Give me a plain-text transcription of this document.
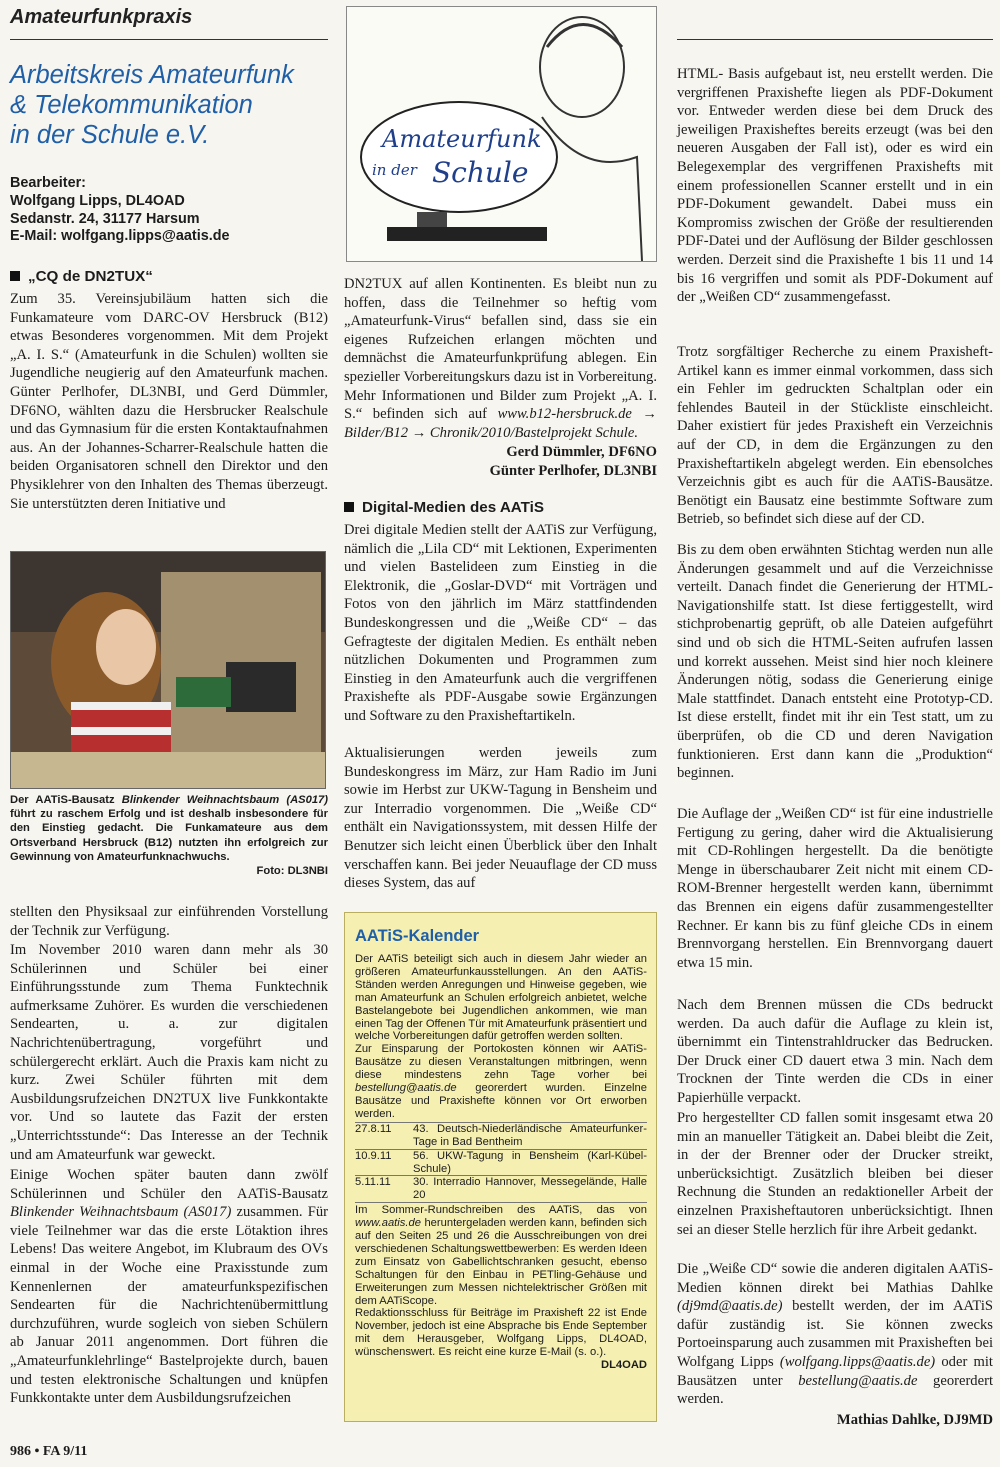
Amateurfunkpraxis
Arbeitskreis Amateurfunk
& Telekommunikation
in der Schule e.V.
Bearbeiter:
Wolfgang Lipps, DL4OAD
Sedanstr. 24, 31177 Harsum
E-Mail: wolfgang.lipps@aatis.de
„CQ de DN2TUX“

Zum 35. Vereinsjubiläum hatten sich die Funkamateure vom DARC-OV Hersbruck (B12) etwas Besonderes vorgenommen. Mit dem Projekt „A. I. S.“ (Amateurfunk in die Schulen) wollten sie Jugendliche neugierig auf den Amateurfunk machen. Günter Perlhofer, DL3NBI, und Gerd Dümmler, DF6NO, wählten dazu die Hersbrucker Realschule und das Gymnasium für die ersten Kontaktaufnahmen aus. An der Johannes-Scharrer-Realschule hatten die beiden Organisatoren schnell den Direktor und den Physiklehrer von den Inhalten des Themas überzeugt. Sie unterstützten deren Initiative und

Der AATiS-Bausatz Blinkender Weihnachtsbaum (AS017) führt zu raschem Erfolg und ist deshalb insbesondere für den Einstieg gedacht. Die Funkamateure aus dem Ortsverband Hersbruck (B12) nutzten ihn erfolgreich zur Gewinnung von Amateurfunknachwuchs.
Foto: DL3NBI

stellten den Physiksaal zur einführenden Vorstellung der Technik zur Verfügung.

Im November 2010 waren dann mehr als 30 Schülerinnen und Schüler bei einer Einführungsstunde zum Thema Funktechnik aufmerksame Zuhörer. Es wurden die verschiedenen Sendearten, u. a. zur digitalen Nachrichtenübertragung, vorgeführt und schülergerecht erklärt. Auch die Praxis kam nicht zu kurz. Zwei Schüler führten mit dem Ausbildungsrufzeichen DN2TUX live Funkkontakte vor. Und so lautete das Fazit der ersten „Unterrichtsstunde“: Das Interesse an der Technik und am Amateurfunk war geweckt.

Einige Wochen später bauten dann zwölf Schülerinnen und Schüler den AATiS-Bausatz Blinkender Weihnachtsbaum (AS017) zusammen. Für viele Teilnehmer war das die erste Lötaktion ihres Lebens! Das weitere Angebot, im Klubraum des OVs einmal in der Woche eine Praxisstunde zum Kennenlernen der amateurfunkspezifischen Sendearten für die Nachrichtenübermittlung durchzuführen, wurde sogleich von sieben Schülern ab Januar 2011 angenommen. Dort führen die „Amateurfunklehrlinge“ Bastelprojekte durch, bauen und testen elektronische Schaltungen und knüpfen Funkkontakte unter dem Ausbildungsrufzeichen

Amateurfunk
in der Schule

DN2TUX auf allen Kontinenten. Es bleibt nun zu hoffen, dass die Teilnehmer so heftig vom „Amateurfunk-Virus“ befallen sind, dass sie ein eigenes Rufzeichen erlangen möchten und demnächst die Amateurfunkprüfung ablegen. Ein spezieller Vorbereitungskurs dazu ist in Vorbereitung. Mehr Informationen und Bilder zum Projekt „A. I. S.“ befinden sich auf www.b12-hersbruck.de → Bilder/B12 → Chronik/2010/Bastelprojekt Schule.

Gerd Dümmler, DF6NO
Günter Perlhofer, DL3NBI
Digital-Medien des AATiS

Drei digitale Medien stellt der AATiS zur Verfügung, nämlich die „Lila CD“ mit Lektionen, Experimenten und vielen Bastelideen zum Einstieg in die Elektronik, die „Goslar-DVD“ mit Vorträgen und Fotos von den jährlich im März stattfindenden Bundeskongressen und die „Weiße CD“ – das Gefragteste der digitalen Medien. Es enthält neben nützlichen Dokumenten und Programmen zum Einstieg in den Amateurfunk auch die vergriffenen Praxishefte als PDF-Ausgabe sowie Ergänzungen und Software zu den Praxisheftartikeln.

Aktualisierungen werden jeweils zum Bundeskongress im März, zur Ham Radio im Juni sowie im Herbst zur UKW-Tagung in Bensheim und zur Interradio vorgenommen. Die „Weiße CD“ enthält ein Navigationssystem, mit dessen Hilfe der Benutzer sich leicht einen Überblick über den Inhalt verschaffen kann. Bei jeder Neuauflage der CD muss dieses System, das auf

AATiS-Kalender
Der AATiS beteiligt sich auch in diesem Jahr wieder an größeren Amateurfunkausstellungen. An den AATiS-Ständen werden Anregungen und Hinweise gegeben, wie man Amateurfunk an Schulen erfolgreich anbietet, welche Bastelangebote bei Jugendlichen ankommen, wie man einen Tag der Offenen Tür mit Amateurfunk präsentiert und welche Vorbereitungen dafür getroffen werden sollten.
Zur Einsparung der Portokosten können wir AATiS-Bausätze zu diesen Veranstaltungen mitbringen, wenn diese mindestens zehn Tage vorher bei bestellung@aatis.de georerdert wurden. Einzelne Bausätze und Praxishefte können vor Ort erworben werden.
27.8.11	43. Deutsch-Niederländische Amateurfunker-Tage in Bad Bentheim
10.9.11	56. UKW-Tagung in Bensheim (Karl-Kübel-Schule)
5.11.11	30. Interradio Hannover, Messegelände, Halle 20
Im Sommer-Rundschreiben des AATiS, das von www.aatis.de heruntergeladen werden kann, befinden sich auf den Seiten 25 und 26 die Ausschreibungen von drei verschiedenen Schaltungswettbewerben: Es werden Ideen zum Einsatz von Gabellichtschranken gesucht, ebenso Schaltungen für den Einbau in PETling-Gehäuse und Erweiterungen zum Messen nichtelektrischer Größen mit dem AATiScope.
Redaktionsschluss für Beiträge im Praxisheft 22 ist Ende November, jedoch ist eine Absprache bis Ende September mit dem Herausgeber, Wolfgang Lipps, DL4OAD, wünschenswert. Es reicht eine kurze E-Mail (s. o.).
DL4OAD

HTML- Basis aufgebaut ist, neu erstellt werden. Die vergriffenen Praxishefte liegen als PDF-Dokument vor. Entweder werden diese bei dem Druck des jeweiligen Praxisheftes bereits erzeugt (was bei den neueren Ausgaben der Fall ist), oder es wird ein Belegexemplar des vergriffenen Praxishefts mit einem professionellen Scanner erstellt und in ein PDF-Dokument gewandelt. Dabei muss ein Kompromiss zwischen der Größe der resultierenden PDF-Datei und der Auflösung der Bilder geschlossen werden. Derzeit sind die Praxishefte 1 bis 11 und 14 bis 16 vergriffen und somit als PDF-Dokument auf der „Weißen CD“ zusammengefasst.

Trotz sorgfältiger Recherche zu einem Praxisheft-Artikel kann es immer einmal vorkommen, dass sich ein Fehler im gedruckten Schaltplan oder ein fehlendes Bauteil in der Stückliste einschleicht. Daher existiert für jedes Praxisheft ein Verzeichnis auf der CD, in dem die Ergänzungen zu den Praxisheftartikeln abgelegt werden. Ein ebensolches Verzeichnis gibt es auch für die AATiS-Bausätze. Benötigt ein Bausatz eine bestimmte Software zum Betrieb, so befindet sich diese auf der CD.

Bis zu dem oben erwähnten Stichtag werden nun alle Änderungen gesammelt und auf die Verzeichnisse verteilt. Danach findet die Generierung der HTML-Navigationshilfe statt. Ist diese fertiggestellt, wird stichprobenartig geprüft, ob alle Dateien aufgeführt sind und ob sich die HTML-Seiten aufrufen lassen und korrekt aussehen. Meist sind hier noch kleinere Änderungen nötig, sodass die Generierung einige Male stattfindet. Danach entsteht eine Prototyp-CD. Ist diese erstellt, findet mit ihr ein Test statt, um zu überprüfen, ob die CD und deren Navigation funktionieren. Erst dann kann die „Produktion“ beginnen.

Die Auflage der „Weißen CD“ ist für eine industrielle Fertigung zu gering, daher wird die Aktualisierung mit CD-Rohlingen hergestellt. Da die benötigte Menge in überschaubarer Zeit nicht mit einem CD-ROM-Brenner hergestellt werden kann, übernimmt das Brennen ein eigens dafür zusammengestellter Rechner. Er kann bis zu fünf gleiche CDs in einem Brennvorgang herstellen. Ein Brennvorgang dauert etwa 15 min.

Nach dem Brennen müssen die CDs bedruckt werden. Da auch dafür die Auflage zu klein ist, übernimmt ein Tintenstrahldrucker das Bedrucken. Der Druck einer CD dauert etwa 3 min. Nach dem Trocknen der Tinte werden die CDs in einer Papierhülle verpackt.

Pro hergestellter CD fallen somit insgesamt etwa 20 min an manueller Tätigkeit an. Dabei bleibt die Zeit, in der der Brenner oder der Drucker streikt, unberücksichtigt. Zusätzlich bleiben bei dieser Rechnung die Stunden an redaktioneller Arbeit der einzelnen Praxisheftautoren unberücksichtigt. Ihnen sei an dieser Stelle herzlich für ihre Arbeit gedankt.

Die „Weiße CD“ sowie die anderen digitalen AATiS-Medien können direkt bei Mathias Dahlke (dj9md@aatis.de) bestellt werden, der im AATiS dafür zuständig ist. Sie können zwecks Portoeinsparung auch zusammen mit Praxisheften bei Wolfgang Lipps (wolfgang.lipps@aatis.de) oder mit Bausätzen unter bestellung@aatis.de georerdert werden.

Mathias Dahlke, DJ9MD
986 • FA 9/11
